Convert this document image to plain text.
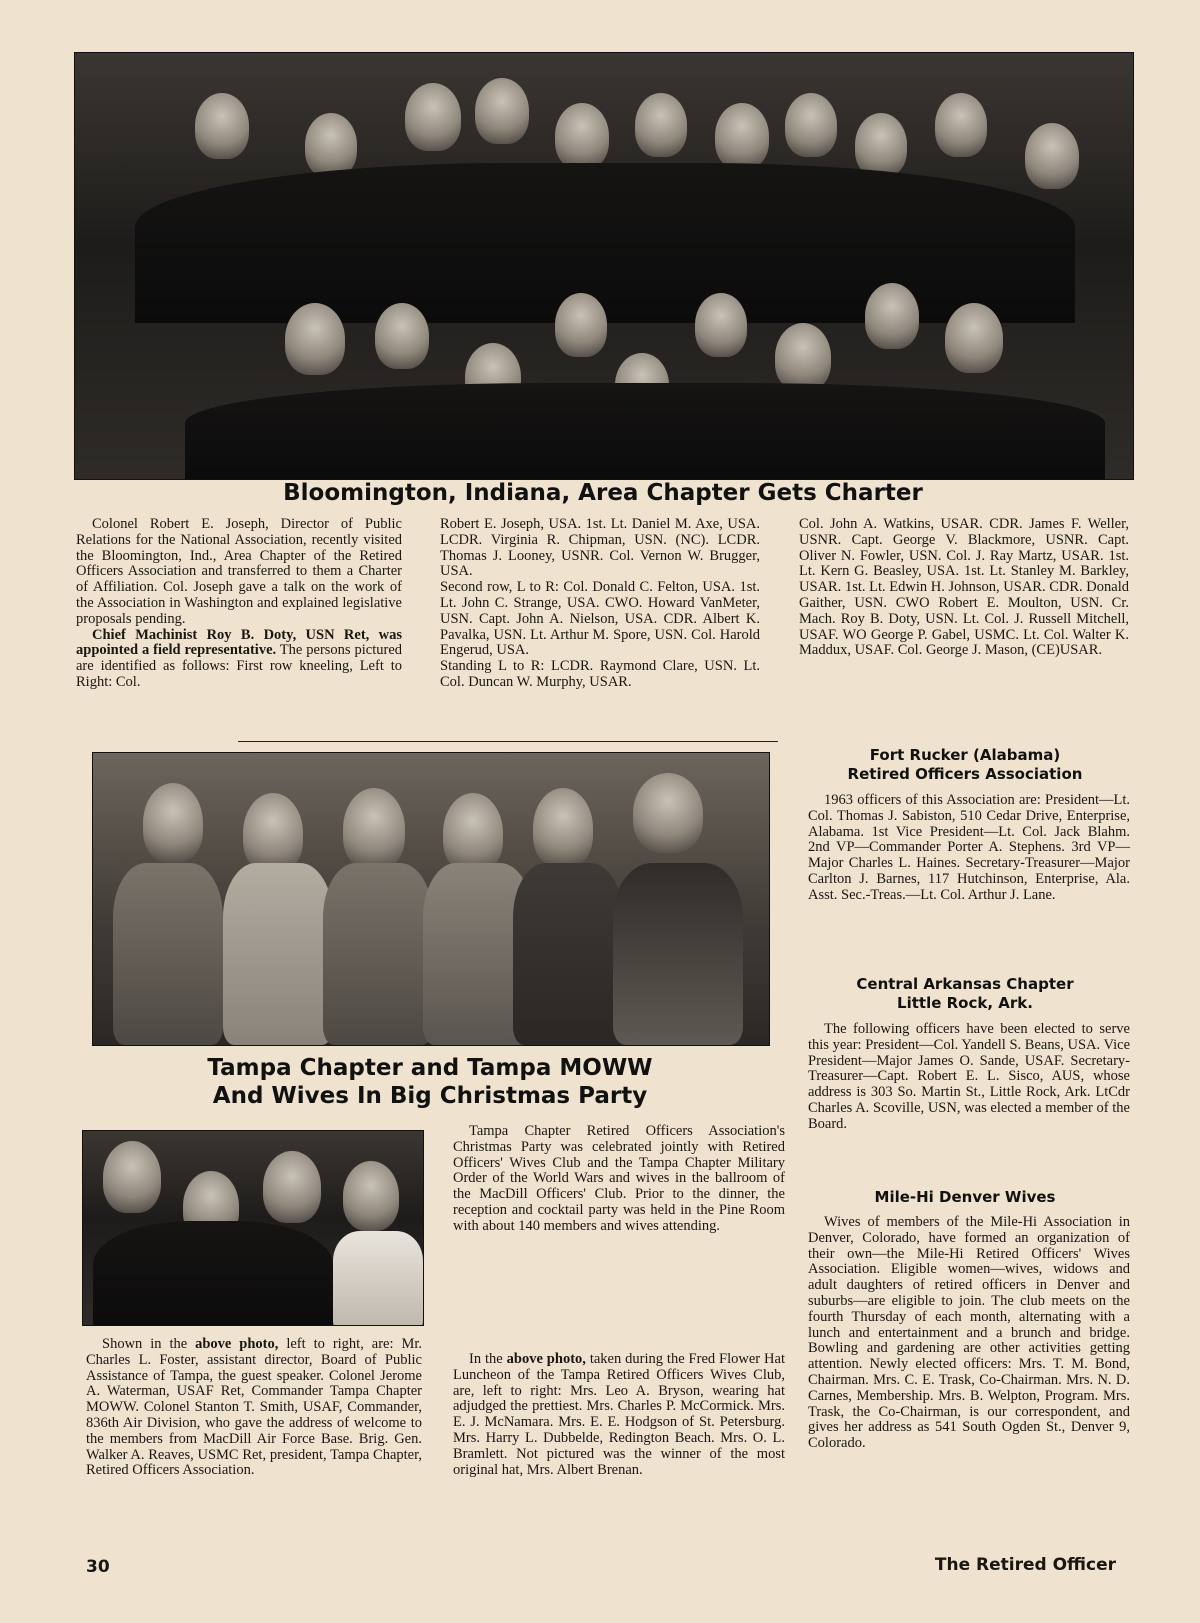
Bloomington, Indiana, Area Chapter Gets Charter

Colonel Robert E. Joseph, Director of Public Relations for the National Association, recently visited the Bloomington, Ind., Area Chapter of the Retired Officers Association and transferred to them a Charter of Affiliation. Col. Joseph gave a talk on the work of the Association in Washington and explained legislative proposals pending.

Chief Machinist Roy B. Doty, USN Ret, was appointed a field representative. The persons pictured are identified as follows: First row kneeling, Left to Right: Col.

Robert E. Joseph, USA. 1st. Lt. Daniel M. Axe, USA. LCDR. Virginia R. Chipman, USN. (NC). LCDR. Thomas J. Looney, USNR. Col. Vernon W. Brugger, USA.

Second row, L to R: Col. Donald C. Felton, USA. 1st. Lt. John C. Strange, USA. CWO. Howard VanMeter, USN. Capt. John A. Nielson, USA. CDR. Albert K. Pavalka, USN. Lt. Arthur M. Spore, USN. Col. Harold Engerud, USA.

Standing L to R: LCDR. Raymond Clare, USN. Lt. Col. Duncan W. Murphy, USAR.

Col. John A. Watkins, USAR. CDR. James F. Weller, USNR. Capt. George V. Blackmore, USNR. Capt. Oliver N. Fowler, USN. Col. J. Ray Martz, USAR. 1st. Lt. Kern G. Beasley, USA. 1st. Lt. Stanley M. Barkley, USAR. 1st. Lt. Edwin H. Johnson, USAR. CDR. Donald Gaither, USN. CWO Robert E. Moulton, USN. Cr. Mach. Roy B. Doty, USN. Lt. Col. J. Russell Mitchell, USAF. WO George P. Gabel, USMC. Lt. Col. Walter K. Maddux, USAF. Col. George J. Mason, (CE)USAR.

Tampa Chapter and Tampa MOWW
And Wives In Big Christmas Party

Tampa Chapter Retired Officers Association's Christmas Party was celebrated jointly with Retired Officers' Wives Club and the Tampa Chapter Military Order of the World Wars and wives in the ballroom of the MacDill Officers' Club. Prior to the dinner, the reception and cocktail party was held in the Pine Room with about 140 members and wives attending.

Shown in the above photo, left to right, are: Mr. Charles L. Foster, assistant director, Board of Public Assistance of Tampa, the guest speaker. Colonel Jerome A. Waterman, USAF Ret, Commander Tampa Chapter MOWW. Colonel Stanton T. Smith, USAF, Commander, 836th Air Division, who gave the address of welcome to the members from MacDill Air Force Base. Brig. Gen. Walker A. Reaves, USMC Ret, president, Tampa Chapter, Retired Officers Association.

In the above photo, taken during the Fred Flower Hat Luncheon of the Tampa Retired Officers Wives Club, are, left to right: Mrs. Leo A. Bryson, wearing hat adjudged the prettiest. Mrs. Charles P. McCormick. Mrs. E. J. McNamara. Mrs. E. E. Hodgson of St. Petersburg. Mrs. Harry L. Dubbelde, Redington Beach. Mrs. O. L. Bramlett. Not pictured was the winner of the most original hat, Mrs. Albert Brenan.

Fort Rucker (Alabama)
Retired Officers Association

1963 officers of this Association are: President—Lt. Col. Thomas J. Sabiston, 510 Cedar Drive, Enterprise, Alabama. 1st Vice President—Lt. Col. Jack Blahm. 2nd VP—Commander Porter A. Stephens. 3rd VP—Major Charles L. Haines. Secretary-Treasurer—Major Carlton J. Barnes, 117 Hutchinson, Enterprise, Ala. Asst. Sec.-Treas.—Lt. Col. Arthur J. Lane.

Central Arkansas Chapter
Little Rock, Ark.

The following officers have been elected to serve this year: President—Col. Yandell S. Beans, USA. Vice President—Major James O. Sande, USAF. Secretary-Treasurer—Capt. Robert E. L. Sisco, AUS, whose address is 303 So. Martin St., Little Rock, Ark. LtCdr Charles A. Scoville, USN, was elected a member of the Board.

Mile-Hi Denver Wives

Wives of members of the Mile-Hi Association in Denver, Colorado, have formed an organization of their own—the Mile-Hi Retired Officers' Wives Association. Eligible women—wives, widows and adult daughters of retired officers in Denver and suburbs—are eligible to join. The club meets on the fourth Thursday of each month, alternating with a lunch and entertainment and a brunch and bridge. Bowling and gardening are other activities getting attention. Newly elected officers: Mrs. T. M. Bond, Chairman. Mrs. C. E. Trask, Co-Chairman. Mrs. N. D. Carnes, Membership. Mrs. B. Welpton, Program. Mrs. Trask, the Co-Chairman, is our correspondent, and gives her address as 541 South Ogden St., Denver 9, Colorado.

30	The Retired Officer
